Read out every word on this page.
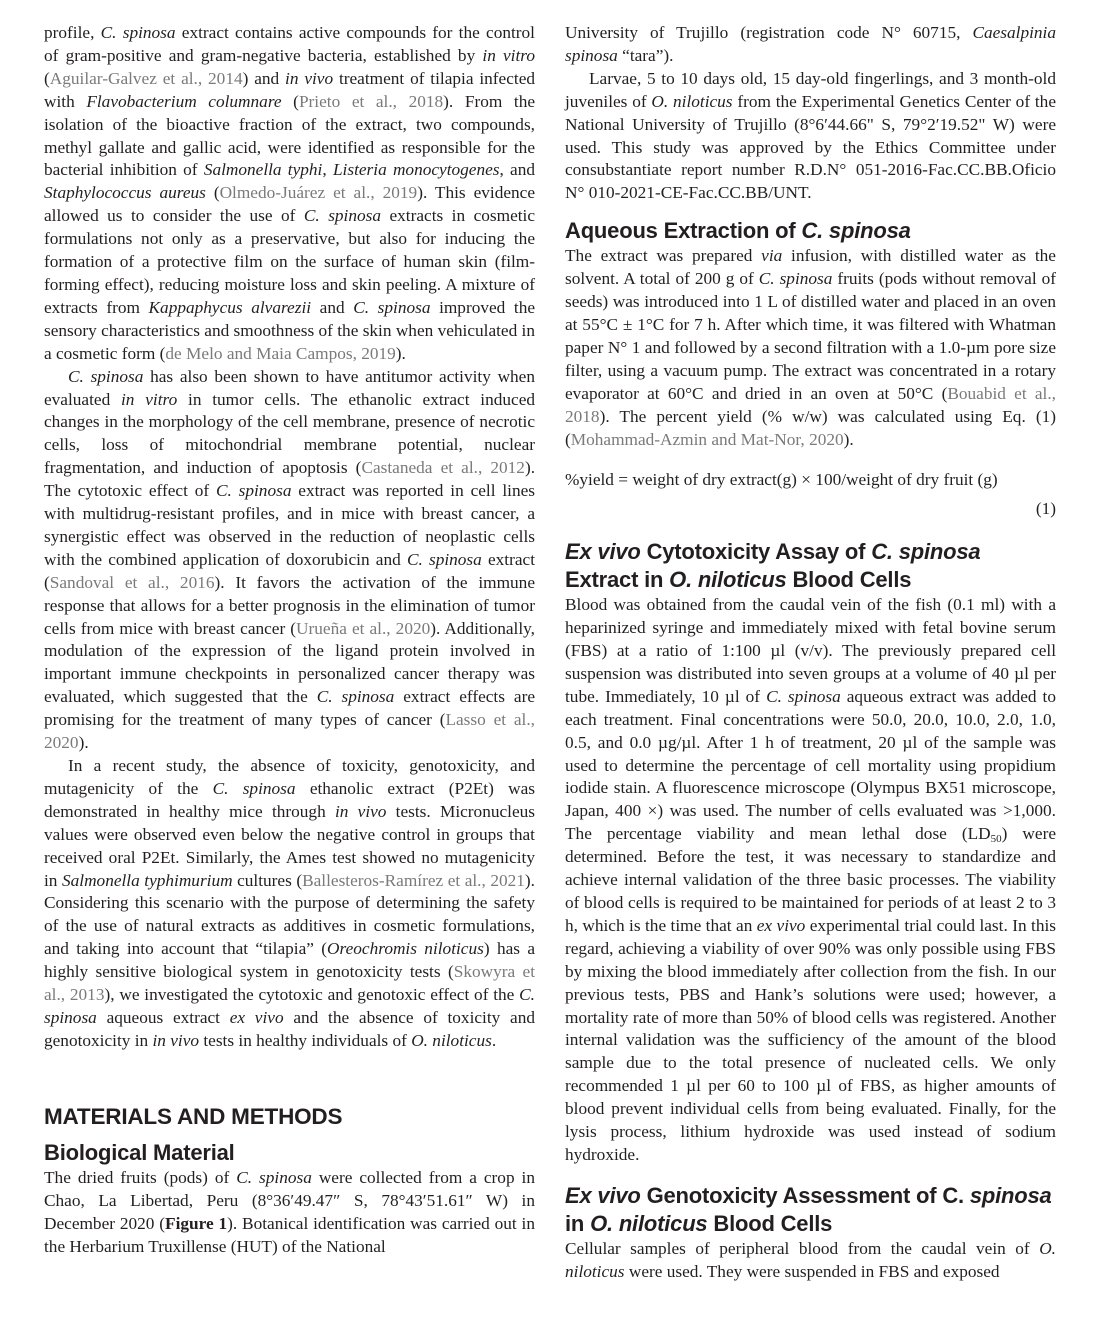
profile, C. spinosa extract contains active compounds for the control of gram-positive and gram-negative bacteria, established by in vitro (Aguilar-Galvez et al., 2014) and in vivo treatment of tilapia infected with Flavobacterium columnare (Prieto et al., 2018). From the isolation of the bioactive fraction of the extract, two compounds, methyl gallate and gallic acid, were identified as responsible for the bacterial inhibition of Salmonella typhi, Listeria monocytogenes, and Staphylococcus aureus (Olmedo-Juárez et al., 2019). This evidence allowed us to consider the use of C. spinosa extracts in cosmetic formulations not only as a preservative, but also for inducing the formation of a protective film on the surface of human skin (film-forming effect), reducing moisture loss and skin peeling. A mixture of extracts from Kappaphycus alvarezii and C. spinosa improved the sensory characteristics and smoothness of the skin when vehiculated in a cosmetic form (de Melo and Maia Campos, 2019).

C. spinosa has also been shown to have antitumor activity when evaluated in vitro in tumor cells. The ethanolic extract induced changes in the morphology of the cell membrane, presence of necrotic cells, loss of mitochondrial membrane potential, nuclear fragmentation, and induction of apoptosis (Castaneda et al., 2012). The cytotoxic effect of C. spinosa extract was reported in cell lines with multidrug-resistant profiles, and in mice with breast cancer, a synergistic effect was observed in the reduction of neoplastic cells with the combined application of doxorubicin and C. spinosa extract (Sandoval et al., 2016). It favors the activation of the immune response that allows for a better prognosis in the elimination of tumor cells from mice with breast cancer (Urueña et al., 2020). Additionally, modulation of the expression of the ligand protein involved in important immune checkpoints in personalized cancer therapy was evaluated, which suggested that the C. spinosa extract effects are promising for the treatment of many types of cancer (Lasso et al., 2020).

In a recent study, the absence of toxicity, genotoxicity, and mutagenicity of the C. spinosa ethanolic extract (P2Et) was demonstrated in healthy mice through in vivo tests. Micronucleus values were observed even below the negative control in groups that received oral P2Et. Similarly, the Ames test showed no mutagenicity in Salmonella typhimurium cultures (Ballesteros-Ramírez et al., 2021). Considering this scenario with the purpose of determining the safety of the use of natural extracts as additives in cosmetic formulations, and taking into account that “tilapia” (Oreochromis niloticus) has a highly sensitive biological system in genotoxicity tests (Skowyra et al., 2013), we investigated the cytotoxic and genotoxic effect of the C. spinosa aqueous extract ex vivo and the absence of toxicity and genotoxicity in in vivo tests in healthy individuals of O. niloticus.

MATERIALS AND METHODS
Biological Material

The dried fruits (pods) of C. spinosa were collected from a crop in Chao, La Libertad, Peru (8°36′49.47″ S, 78°43′51.61″ W) in December 2020 (Figure 1). Botanical identification was carried out in the Herbarium Truxillense (HUT) of the National

University of Trujillo (registration code N° 60715, Caesalpinia spinosa “tara”).

Larvae, 5 to 10 days old, 15 day-old fingerlings, and 3 month-old juveniles of O. niloticus from the Experimental Genetics Center of the National University of Trujillo (8°6′44.66" S, 79°2′19.52" W) were used. This study was approved by the Ethics Committee under consubstantiate report number R.D.N° 051-2016-Fac.CC.BB.Oficio N° 010-2021-CE-Fac.CC.BB/UNT.

Aqueous Extraction of C. spinosa

The extract was prepared via infusion, with distilled water as the solvent. A total of 200 g of C. spinosa fruits (pods without removal of seeds) was introduced into 1 L of distilled water and placed in an oven at 55°C ± 1°C for 7 h. After which time, it was filtered with Whatman paper N° 1 and followed by a second filtration with a 1.0-µm pore size filter, using a vacuum pump. The extract was concentrated in a rotary evaporator at 60°C and dried in an oven at 50°C (Bouabid et al., 2018). The percent yield (% w/w) was calculated using Eq. (1) (Mohammad-Azmin and Mat-Nor, 2020).

%yield = weight of dry extract(g) × 100/weight of dry fruit (g)
(1)
Ex vivo Cytotoxicity Assay of C. spinosa Extract in O. niloticus Blood Cells

Blood was obtained from the caudal vein of the fish (0.1 ml) with a heparinized syringe and immediately mixed with fetal bovine serum (FBS) at a ratio of 1:100 µl (v/v). The previously prepared cell suspension was distributed into seven groups at a volume of 40 µl per tube. Immediately, 10 µl of C. spinosa aqueous extract was added to each treatment. Final concentrations were 50.0, 20.0, 10.0, 2.0, 1.0, 0.5, and 0.0 µg/µl. After 1 h of treatment, 20 µl of the sample was used to determine the percentage of cell mortality using propidium iodide stain. A fluorescence microscope (Olympus BX51 microscope, Japan, 400 ×) was used. The number of cells evaluated was >1,000. The percentage viability and mean lethal dose $(LD_{50})$ were determined. Before the test, it was necessary to standardize and achieve internal validation of the three basic processes. The viability of blood cells is required to be maintained for periods of at least 2 to 3 h, which is the time that an ex vivo experimental trial could last. In this regard, achieving a viability of over 90% was only possible using FBS by mixing the blood immediately after collection from the fish. In our previous tests, PBS and Hank’s solutions were used; however, a mortality rate of more than 50% of blood cells was registered. Another internal validation was the sufficiency of the amount of the blood sample due to the total presence of nucleated cells. We only recommended 1 µl per 60 to 100 µl of FBS, as higher amounts of blood prevent individual cells from being evaluated. Finally, for the lysis process, lithium hydroxide was used instead of sodium hydroxide.

Ex vivo Genotoxicity Assessment of C. spinosa in O. niloticus Blood Cells

Cellular samples of peripheral blood from the caudal vein of O. niloticus were used. They were suspended in FBS and exposed
